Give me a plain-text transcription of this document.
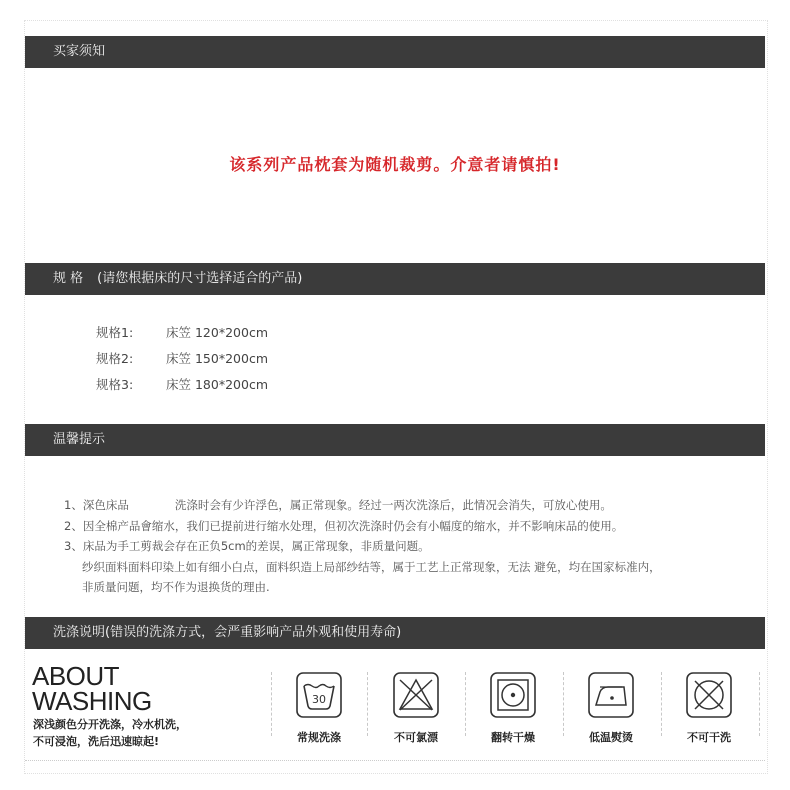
买家须知
该系列产品枕套为随机裁剪。介意者请慎拍!
规 格 (请您根据床的尺寸选择适合的产品)
规格1:	床笠 120*200cm
规格2:	床笠 150*200cm
规格3:	床笠 180*200cm
温馨提示
1、深色床品	洗涤时会有少许浮色，属正常现象。经过一两次洗涤后，此情况会消失，可放心使用。
2、因全棉产品會缩水，我们已提前进行缩水处理，但初次洗涤时仍会有小幅度的缩水，并不影响床品的使用。
3、床品为手工剪裁会存在正负5cm的差误，属正常现象，非质量问题。
纱织面料面料印染上如有细小白点，面料织造上局部纱结等，属于工艺上正常现象，无法 避免，均在国家标准内，
非质量问题，均不作为退换货的理由.
洗涤说明(错误的洗涤方式，会严重影响产品外观和使用寿命)
ABOUT
WASHING
深浅颜色分开洗涤，冷水机洗，
不可浸泡，洗后迅速晾起!
30
常规洗涤	不可氯漂	翻转干燥	低温熨烫	不可干洗
